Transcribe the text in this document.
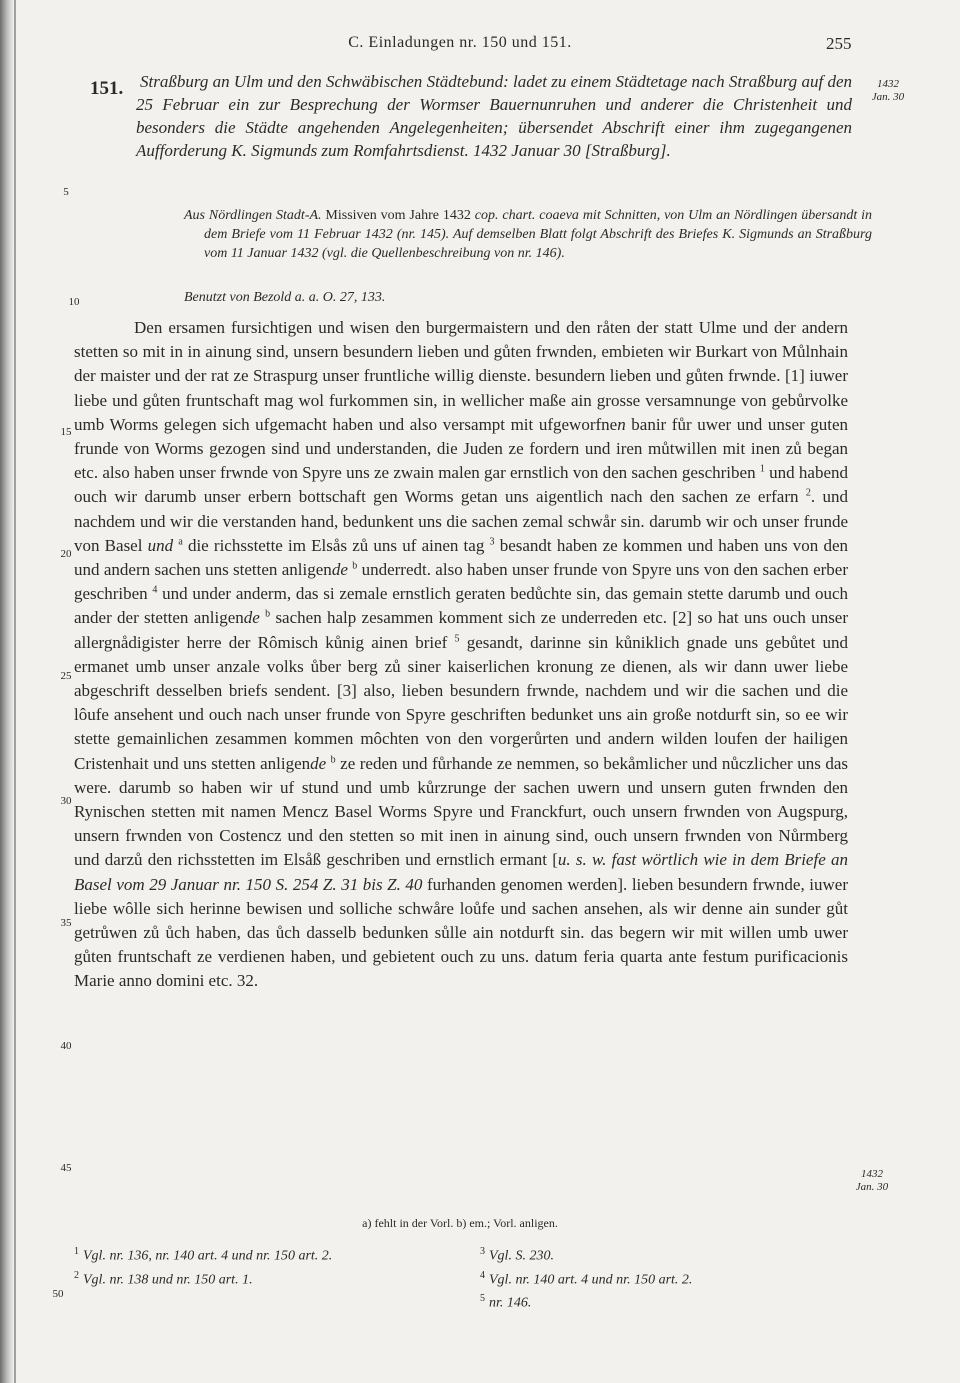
C. Einladungen nr. 150 und 151.	255
1432
Jan. 30
1432
Jan. 30
5
10
15
20
25
30
35
40
45
50
151. Straßburg an Ulm und den Schwäbischen Städtebund: ladet zu einem Städtetage nach Straßburg auf den 25 Februar ein zur Besprechung der Wormser Bauernunruhen und anderer die Christenheit und besonders die Städte angehenden Angelegenheiten; übersendet Abschrift einer ihm zugegangenen Aufforderung K. Sigmunds zum Romfahrtsdienst. 1432 Januar 30 [Straßburg].
Aus Nördlingen Stadt-A. Missiven vom Jahre 1432 cop. chart. coaeva mit Schnitten, von Ulm an Nördlingen übersandt in dem Briefe vom 11 Februar 1432 (nr. 145). Auf demselben Blatt folgt Abschrift des Briefes K. Sigmunds an Straßburg vom 11 Januar 1432 (vgl. die Quellenbeschreibung von nr. 146).
Benutzt von Bezold a. a. O. 27, 133.
Den ersamen fursichtigen und wisen den burgermaistern und den råten der statt Ulme und der andern stetten so mit in in ainung sind, unsern besundern lieben und gůten frwnden, embieten wir Burkart von Můlnhain der maister und der rat ze Straspurg unser fruntliche willig dienste. besundern lieben und gůten frwnde. [1] iuwer liebe und gůten fruntschaft mag wol furkommen sin, in wellicher maße ain grosse versamnunge von gebůrvolke umb Worms gelegen sich ufgemacht haben und also versampt mit ufgeworfnen banir fůr uwer und unser guten frunde von Worms gezogen sind und understanden, die Juden ze fordern und iren můtwillen mit inen zů began etc. also haben unser frwnde von Spyre uns ze zwain malen gar ernstlich von den sachen geschriben $^1$ und habend ouch wir darumb unser erbern bottschaft gen Worms getan uns aigentlich nach den sachen ze erfarn $^2$. und nachdem und wir die verstanden hand, bedunkent uns die sachen zemal schwår sin. darumb wir och unser frunde von Basel und $^a$ die richsstette im Elsås zů uns uf ainen tag $^3$ besandt haben ze kommen und haben uns von den und andern sachen uns stetten anligende $^b$ underredt. also haben unser frunde von Spyre uns von den sachen erber geschriben $^4$ und under anderm, das si zemale ernstlich geraten bedůchte sin, das gemain stette darumb und ouch ander der stetten anligende $^b$ sachen halp zesammen komment sich ze underreden etc. [2] so hat uns ouch unser allergnådigister herre der Rômisch kůnig ainen brief $^5$ gesandt, darinne sin kůniklich gnade uns gebůtet und ermanet umb unser anzale volks ůber berg zů siner kaiserlichen kronung ze dienen, als wir dann uwer liebe abgeschrift desselben briefs sendent. [3] also, lieben besundern frwnde, nachdem und wir die sachen und die lôufe ansehent und ouch nach unser frunde von Spyre geschriften bedunket uns ain großе notdurft sin, so ee wir stette gemainlichen zesammen kommen môchten von den vorgerůrten und andern wilden loufen der hailigen Cristenhait und uns stetten anligende $^b$ ze reden und fůrhande ze nemmen, so bekåmlicher und nůczlicher uns das were. darumb so haben wir uf stund und umb kůrzrunge der sachen uwern und unsern guten frwnden den Rynischen stetten mit namen Mencz Basel Worms Spyre und Franckfurt, ouch unsern frwnden von Augspurg, unsern frwnden von Costencz und den stetten so mit inen in ainung sind, ouch unsern frwnden von Nůrmberg und darzů den richsstetten im Elsåß geschriben und ernstlich ermant [u. s. w. fast wörtlich wie in dem Briefe an Basel vom 29 Januar nr. 150 S. 254 Z. 31 bis Z. 40 furhanden genomen werden]. lieben besundern frwnde, iuwer liebe wôlle sich herinne bewisen und solliche schwåre loůfe und sachen ansehen, als wir denne ain sunder gůt getrůwen zů ůch haben, das ůch dasselb bedunken sůlle ain notdurft sin. das begern wir mit willen umb uwer gůten fruntschaft ze verdienen haben, und gebietent ouch zu uns. datum feria quarta ante festum purificacionis Marie anno domini etc. 32.
a) fehlt in der Vorl. b) em.; Vorl. anligen.
$^1$ Vgl. nr. 136, nr. 140 art. 4 und nr. 150 art. 2.
$^2$ Vgl. nr. 138 und nr. 150 art. 1.
$^3$ Vgl. S. 230.
$^4$ Vgl. nr. 140 art. 4 und nr. 150 art. 2.
$^5$ nr. 146.
